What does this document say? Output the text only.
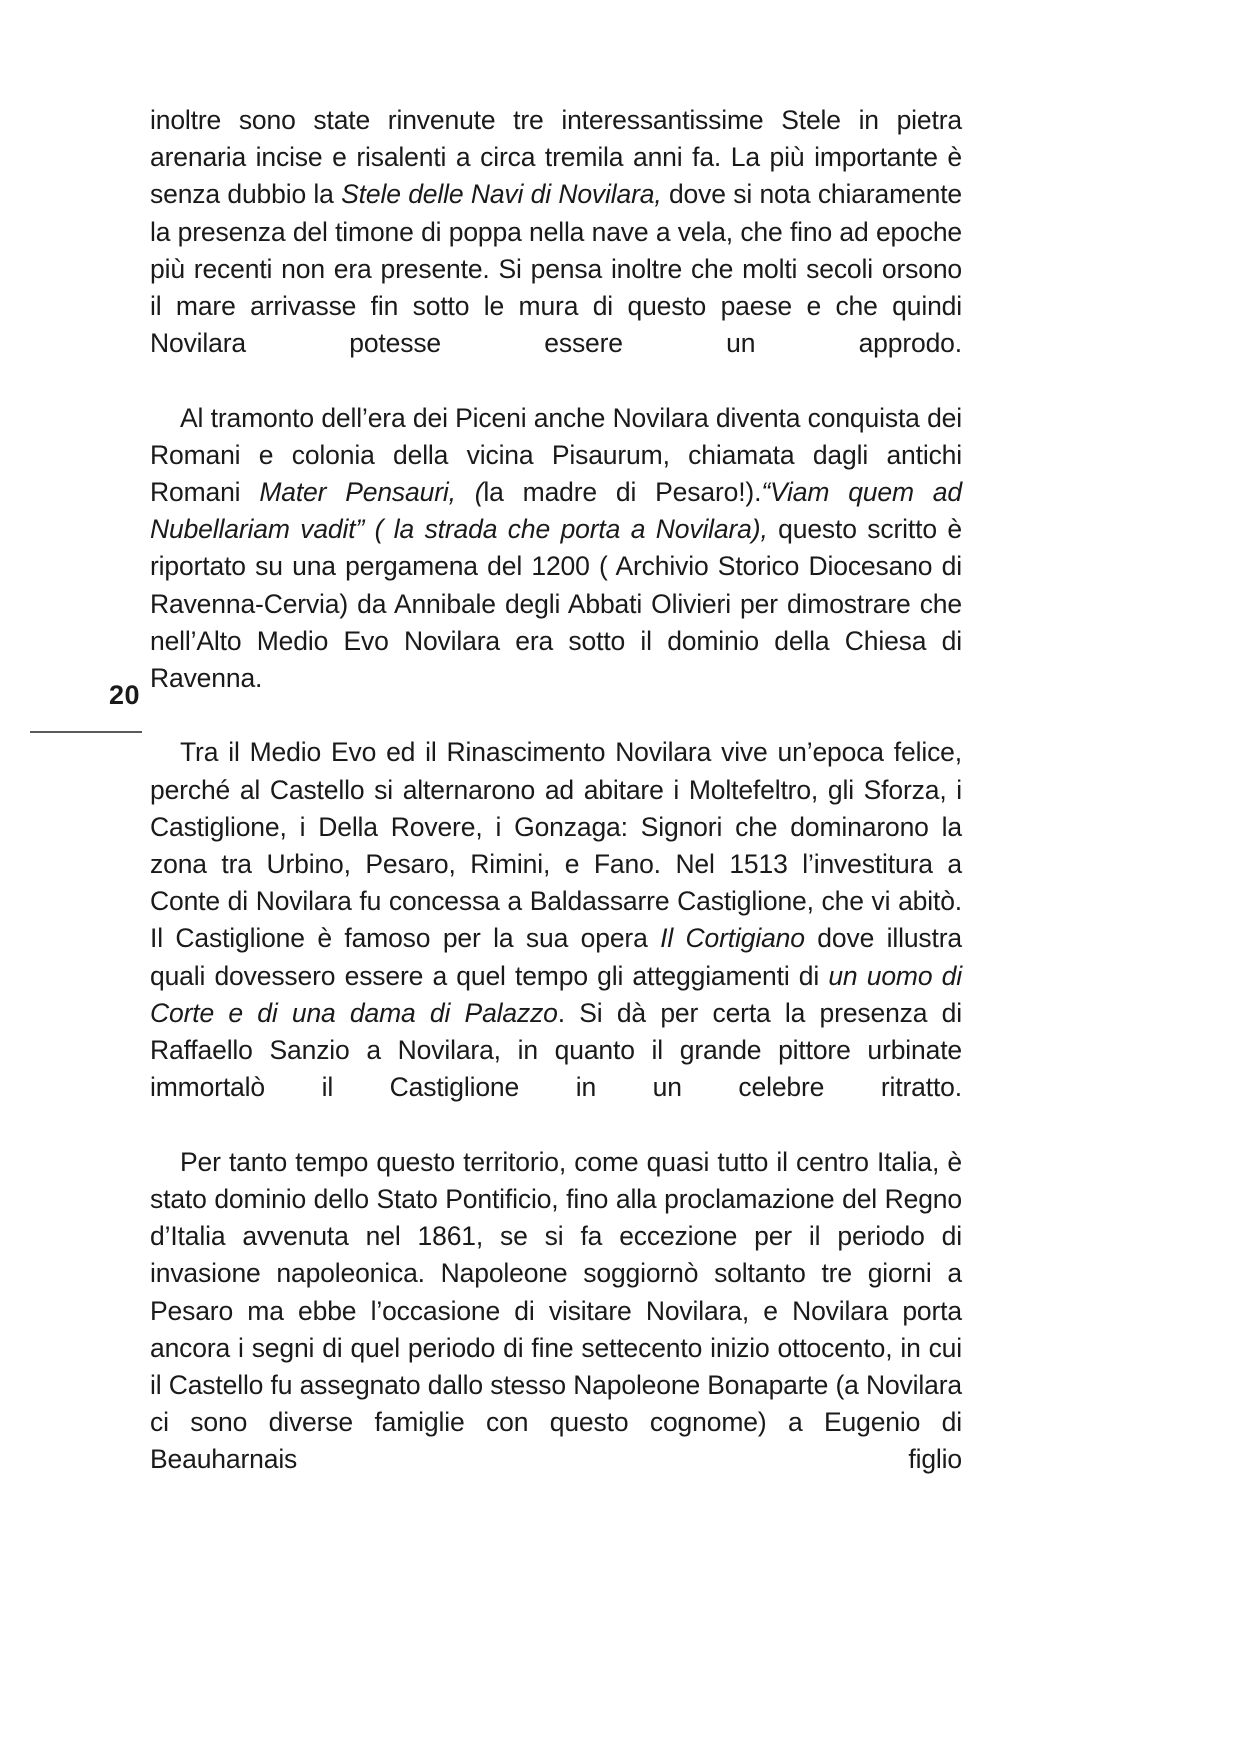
20

inoltre sono state rinvenute tre interessantissime Stele in pietra arenaria incise e risalenti a circa tremila anni fa. La più importante è senza dubbio la Stele delle Navi di Novilara, dove si nota chiaramente la presenza del timone di poppa nella nave a vela, che fino ad epoche più recenti non era presente. Si pensa inoltre che molti secoli orsono il mare arrivasse fin sotto le mura di questo paese e che quindi Novilara potesse essere un approdo.

Al tramonto dell’era dei Piceni anche Novilara diventa conquista dei Romani e colonia della vicina Pisaurum, chiamata dagli antichi Romani Mater Pensauri, (la madre di Pesaro!).“Viam quem ad Nubellariam vadit” ( la strada che porta a Novilara), questo scritto è riportato su una pergamena del 1200 ( Archivio Storico Diocesano di Ravenna-Cervia) da Annibale degli Abbati Olivieri per dimostrare che nell’Alto Medio Evo Novilara era sotto il dominio della Chiesa di Ravenna.

Tra il Medio Evo ed il Rinascimento Novilara vive un’epoca felice, perché al Castello si alternarono ad abitare i Moltefeltro, gli Sforza, i Castiglione, i Della Rovere, i Gonzaga: Signori che dominarono la zona tra Urbino, Pesaro, Rimini, e Fano. Nel 1513 l’investitura a Conte di Novilara fu concessa a Baldassarre Castiglione, che vi abitò. Il Castiglione è famoso per la sua opera Il Cortigiano dove illustra quali dovessero essere a quel tempo gli atteggiamenti di un uomo di Corte e di una dama di Palazzo. Si dà per certa la presenza di Raffaello Sanzio a Novilara, in quanto il grande pittore urbinate immortalò il Castiglione in un celebre ritratto.

Per tanto tempo questo territorio, come quasi tutto il centro Italia, è stato dominio dello Stato Pontificio, fino alla proclamazione del Regno d’Italia avvenuta nel 1861, se si fa eccezione per il periodo di invasione napoleonica. Napoleone soggiornò soltanto tre giorni a Pesaro ma ebbe l’occasione di visitare Novilara, e Novilara porta ancora i segni di quel periodo di fine settecento inizio ottocento, in cui il Castello fu assegnato dallo stesso Napoleone Bonaparte (a Novilara ci sono diverse famiglie con questo cognome) a Eugenio di Beauharnais figlio
